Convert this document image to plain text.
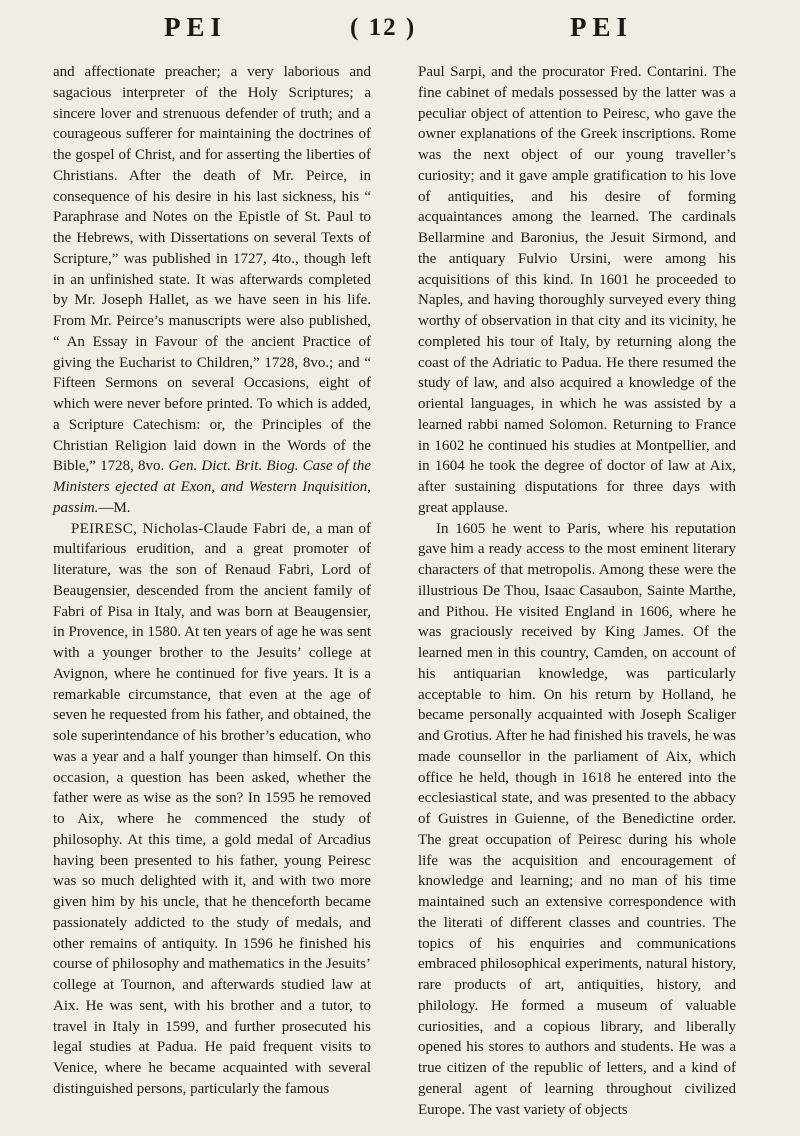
PEI	( 12 )	PEI

and affectionate preacher; a very laborious and sagacious interpreter of the Holy Scriptures; a sincere lover and strenuous defender of truth; and a courageous sufferer for maintaining the doctrines of the gospel of Christ, and for asserting the liberties of Christians. After the death of Mr. Peirce, in consequence of his desire in his last sickness, his “ Paraphrase and Notes on the Epistle of St. Paul to the Hebrews, with Dissertations on several Texts of Scripture,” was published in 1727, 4to., though left in an unfinished state. It was afterwards completed by Mr. Joseph Hallet, as we have seen in his life. From Mr. Peirce’s manuscripts were also published, “ An Essay in Favour of the ancient Practice of giving the Eucharist to Children,” 1728, 8vo.; and “ Fifteen Sermons on several Occasions, eight of which were never before printed. To which is added, a Scripture Catechism: or, the Principles of the Christian Religion laid down in the Words of the Bible,” 1728, 8vo. Gen. Dict. Brit. Biog. Case of the Ministers ejected at Exon, and Western Inquisition, passim.—M.

PEIRESC, Nicholas-Claude Fabri de, a man of multifarious erudition, and a great promoter of literature, was the son of Renaud Fabri, Lord of Beaugensier, descended from the ancient family of Fabri of Pisa in Italy, and was born at Beaugensier, in Provence, in 1580. At ten years of age he was sent with a younger brother to the Jesuits’ college at Avignon, where he continued for five years. It is a remarkable circumstance, that even at the age of seven he requested from his father, and obtained, the sole superintendance of his brother’s education, who was a year and a half younger than himself. On this occasion, a question has been asked, whether the father were as wise as the son? In 1595 he removed to Aix, where he commenced the study of philosophy. At this time, a gold medal of Arcadius having been presented to his father, young Peiresc was so much delighted with it, and with two more given him by his uncle, that he thenceforth became passionately addicted to the study of medals, and other remains of antiquity. In 1596 he finished his course of philosophy and mathematics in the Jesuits’ college at Tournon, and afterwards studied law at Aix. He was sent, with his brother and a tutor, to travel in Italy in 1599, and further prosecuted his legal studies at Padua. He paid frequent visits to Venice, where he became acquainted with several distinguished persons, particularly the famous

Paul Sarpi, and the procurator Fred. Contarini. The fine cabinet of medals possessed by the latter was a peculiar object of attention to Peiresc, who gave the owner explanations of the Greek inscriptions. Rome was the next object of our young traveller’s curiosity; and it gave ample gratification to his love of antiquities, and his desire of forming acquaintances among the learned. The cardinals Bellarmine and Baronius, the Jesuit Sirmond, and the antiquary Fulvio Ursini, were among his acquisitions of this kind. In 1601 he proceeded to Naples, and having thoroughly surveyed every thing worthy of observation in that city and its vicinity, he completed his tour of Italy, by returning along the coast of the Adriatic to Padua. He there resumed the study of law, and also acquired a knowledge of the oriental languages, in which he was assisted by a learned rabbi named Solomon. Returning to France in 1602 he continued his studies at Montpellier, and in 1604 he took the degree of doctor of law at Aix, after sustaining disputations for three days with great applause.

In 1605 he went to Paris, where his reputation gave him a ready access to the most eminent literary characters of that metropolis. Among these were the illustrious De Thou, Isaac Casaubon, Sainte Marthe, and Pithou. He visited England in 1606, where he was graciously received by King James. Of the learned men in this country, Camden, on account of his antiquarian knowledge, was particularly acceptable to him. On his return by Holland, he became personally acquainted with Joseph Scaliger and Grotius. After he had finished his travels, he was made counsellor in the parliament of Aix, which office he held, though in 1618 he entered into the ecclesiastical state, and was presented to the abbacy of Guistres in Guienne, of the Benedictine order. The great occupation of Peiresc during his whole life was the acquisition and encouragement of knowledge and learning; and no man of his time maintained such an extensive correspondence with the literati of different classes and countries. The topics of his enquiries and communications embraced philosophical experiments, natural history, rare products of art, antiquities, history, and philology. He formed a museum of valuable curiosities, and a copious library, and liberally opened his stores to authors and students. He was a true citizen of the republic of letters, and a kind of general agent of learning throughout civilized Europe. The vast variety of objects
